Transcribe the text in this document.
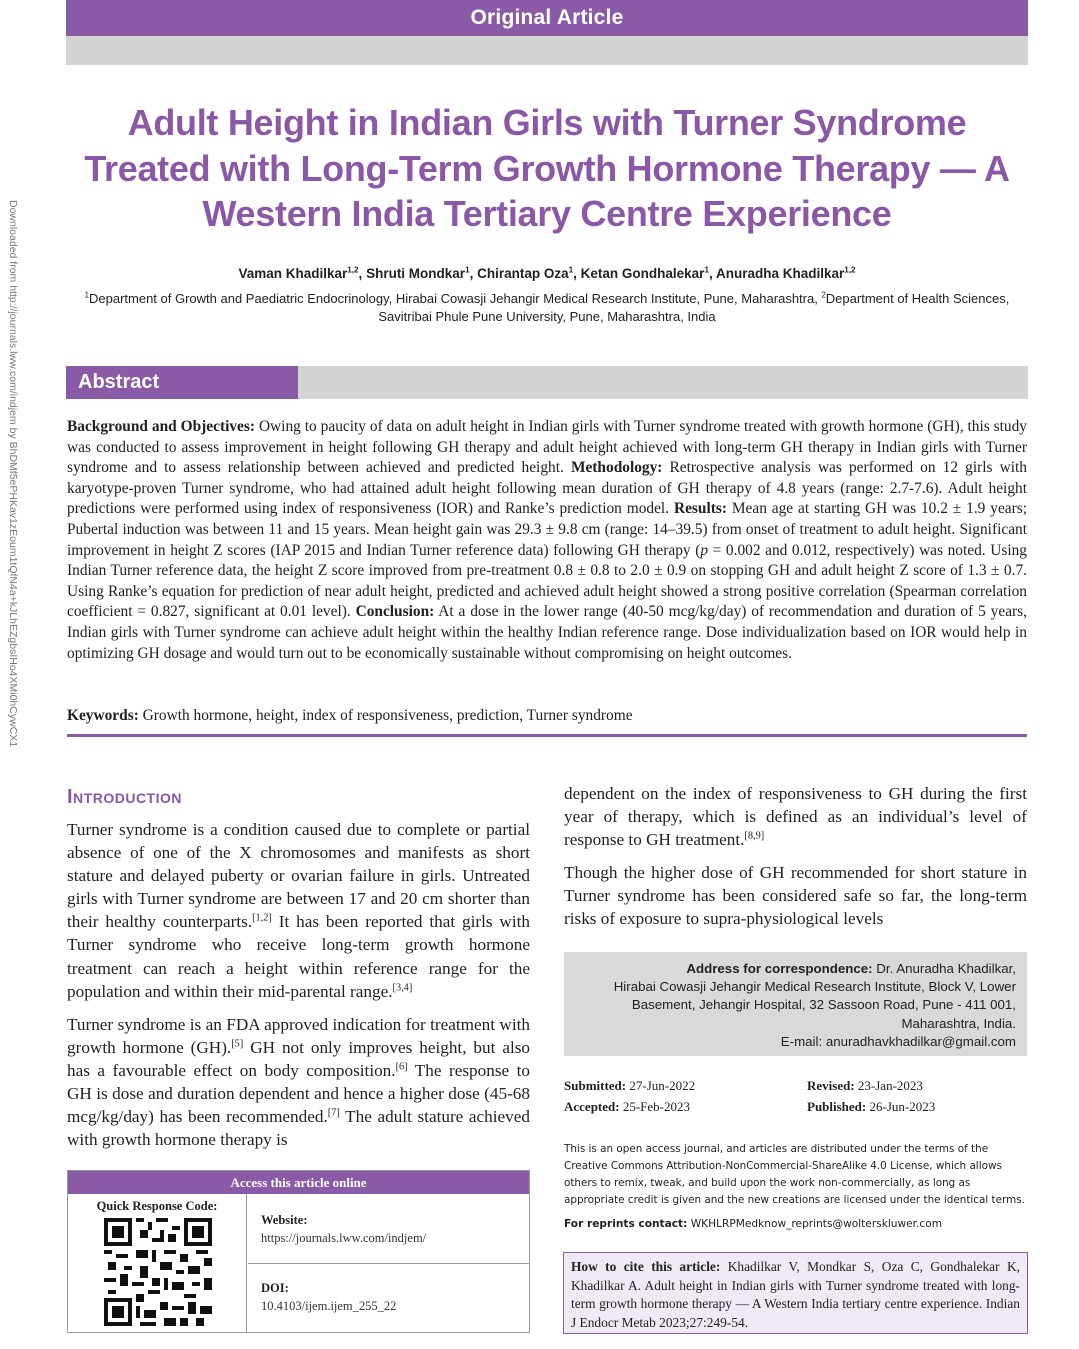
Downloaded from http://journals.lww.com/indjem by BhDMf5ePHKav1zEoum1tQfN4a+kJLhEZgbsIHo4XMi0hCywCX1
Original Article
Adult Height in Indian Girls with Turner Syndrome Treated with Long-Term Growth Hormone Therapy — A Western India Tertiary Centre Experience
Vaman Khadilkar$^{1,2}$, Shruti Mondkar$^1$, Chirantap Oza$^1$, Ketan Gondhalekar$^1$, Anuradha Khadilkar$^{1,2}$
$^1$Department of Growth and Paediatric Endocrinology, Hirabai Cowasji Jehangir Medical Research Institute, Pune, Maharashtra, $^2$Department of Health Sciences, Savitribai Phule Pune University, Pune, Maharashtra, India
Abstract
Background and Objectives: Owing to paucity of data on adult height in Indian girls with Turner syndrome treated with growth hormone (GH), this study was conducted to assess improvement in height following GH therapy and adult height achieved with long-term GH therapy in Indian girls with Turner syndrome and to assess relationship between achieved and predicted height. Methodology: Retrospective analysis was performed on 12 girls with karyotype-proven Turner syndrome, who had attained adult height following mean duration of GH therapy of 4.8 years (range: 2.7-7.6). Adult height predictions were performed using index of responsiveness (IOR) and Ranke’s prediction model. Results: Mean age at starting GH was 10.2 ± 1.9 years; Pubertal induction was between 11 and 15 years. Mean height gain was 29.3 ± 9.8 cm (range: 14–39.5) from onset of treatment to adult height. Significant improvement in height Z scores (IAP 2015 and Indian Turner reference data) following GH therapy (p = 0.002 and 0.012, respectively) was noted. Using Indian Turner reference data, the height Z score improved from pre-treatment 0.8 ± 0.8 to 2.0 ± 0.9 on stopping GH and adult height Z score of 1.3 ± 0.7. Using Ranke’s equation for prediction of near adult height, predicted and achieved adult height showed a strong positive correlation (Spearman correlation coefficient = 0.827, significant at 0.01 level). Conclusion: At a dose in the lower range (40-50 mcg/kg/day) of recommendation and duration of 5 years, Indian girls with Turner syndrome can achieve adult height within the healthy Indian reference range. Dose individualization based on IOR would help in optimizing GH dosage and would turn out to be economically sustainable without compromising on height outcomes.
Keywords: Growth hormone, height, index of responsiveness, prediction, Turner syndrome
Introduction

Turner syndrome is a condition caused due to complete or partial absence of one of the X chromosomes and manifests as short stature and delayed puberty or ovarian failure in girls. Untreated girls with Turner syndrome are between 17 and 20 cm shorter than their healthy counterparts.[1,2] It has been reported that girls with Turner syndrome who receive long-term growth hormone treatment can reach a height within reference range for the population and within their mid-parental range.[3,4]

Turner syndrome is an FDA approved indication for treatment with growth hormone (GH).[5] GH not only improves height, but also has a favourable effect on body composition.[6] The response to GH is dose and duration dependent and hence a higher dose (45-68 mcg/kg/day) has been recommended.[7] The adult stature achieved with growth hormone therapy is

dependent on the index of responsiveness to GH during the first year of therapy, which is defined as an individual’s level of response to GH treatment.[8,9]

Though the higher dose of GH recommended for short stature in Turner syndrome has been considered safe so far, the long-term risks of exposure to supra-physiological levels

Address for correspondence: Dr. Anuradha Khadilkar,
Hirabai Cowasji Jehangir Medical Research Institute, Block V, Lower
Basement, Jehangir Hospital, 32 Sassoon Road, Pune - 411 001,
Maharashtra, India.
E-mail: anuradhavkhadilkar@gmail.com
Submitted: 27-Jun-2022	Revised: 23-Jan-2023
Accepted: 25-Feb-2023	Published: 26-Jun-2023
This is an open access journal, and articles are distributed under the terms of the Creative Commons Attribution-NonCommercial-ShareAlike 4.0 License, which allows others to remix, tweak, and build upon the work non-commercially, as long as appropriate credit is given and the new creations are licensed under the identical terms.
For reprints contact: WKHLRPMedknow_reprints@wolterskluwer.com
How to cite this article: Khadilkar V, Mondkar S, Oza C, Gondhalekar K, Khadilkar A. Adult height in Indian girls with Turner syndrome treated with long-term growth hormone therapy — A Western India tertiary centre experience. Indian J Endocr Metab 2023;27:249-54.
Access this article online
Quick Response Code:
Website:
https://journals.lww.com/indjem/
DOI:
10.4103/ijem.ijem_255_22
